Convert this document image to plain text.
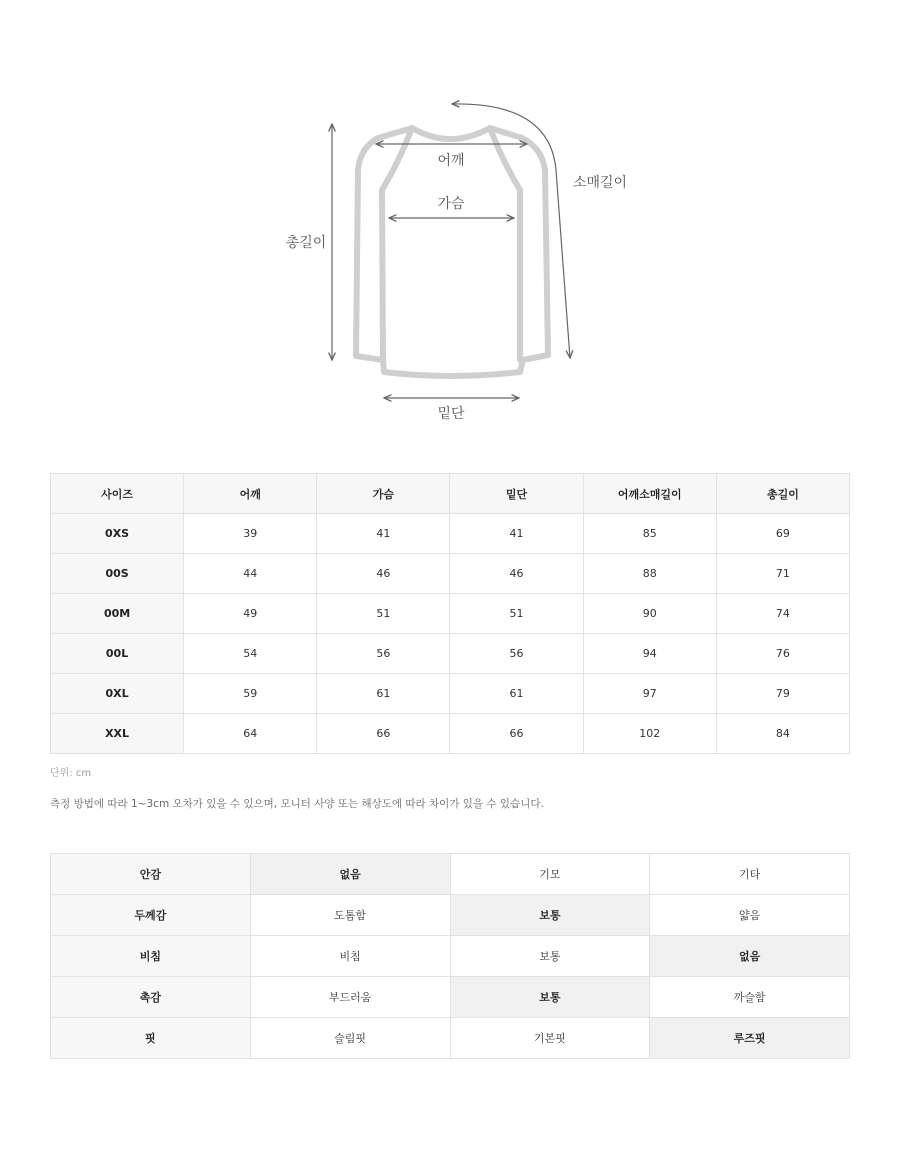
어깨
가슴
소매길이
총길이
밑단
사이즈	어깨	가슴	밑단	어깨소매길이	총길이
0XS	39	41	41	85	69
00S	44	46	46	88	71
00M	49	51	51	90	74
00L	54	56	56	94	76
0XL	59	61	61	97	79
XXL	64	66	66	102	84
단위: cm
측정 방법에 따라 1~3cm 오차가 있을 수 있으며, 모니터 사양 또는 해상도에 따라 차이가 있을 수 있습니다.
안감	없음	기모	기타
두께감	도톰함	보통	얇음
비침	비침	보통	없음
촉감	부드러움	보통	까슬함
핏	슬림핏	기본핏	루즈핏
